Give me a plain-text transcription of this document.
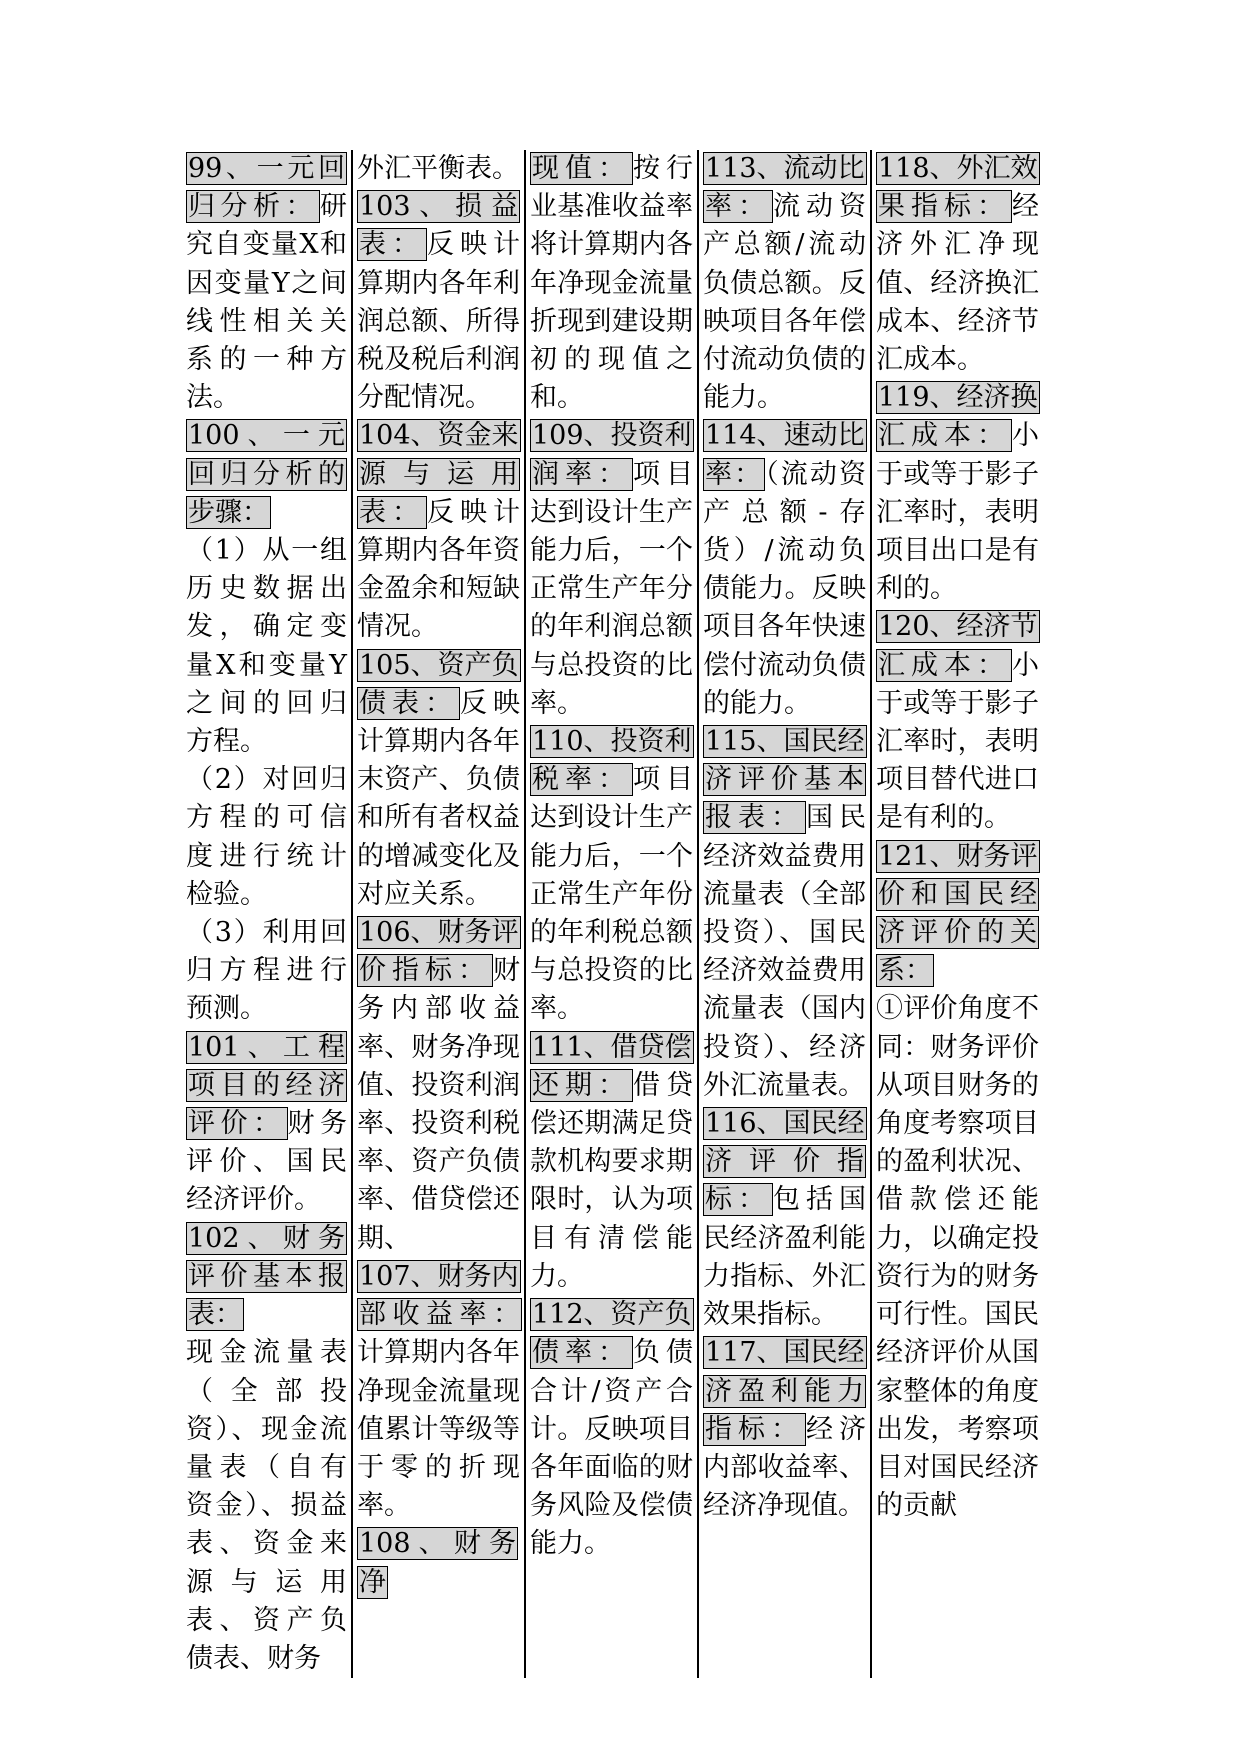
99、一元回归分析：研究自变量X和因变量Y之间线性相关关系的一种方法。
100、一元回归分析的步骤：
（1）从一组历史数据出发，确定变量X和变量Y之间的回归方程。
（2）对回归方程的可信度进行统计检验。
（3）利用回归方程进行预测。
101、工程项目的经济评价：财务评价、国民经济评价。
102、财务评价基本报表：
现金流量表（全部投资）、现金流量表（自有资金）、损益表、资金来源与运用表、资产负债表、财务
外汇平衡表。
103、损益表：反映计算期内各年利润总额、所得税及税后利润分配情况。
104、资金来源与运用表：反映计算期内各年资金盈余和短缺情况。
105、资产负债表：反映计算期内各年末资产、负债和所有者权益的增减变化及对应关系。
106、财务评价指标：财务内部收益率、财务净现值、投资利润率、投资利税率、资产负债率、借贷偿还期、
107、财务内部收益率：计算期内各年净现金流量现值累计等级等于零的折现率。
108、财务净
现值：按行业基准收益率将计算期内各年净现金流量折现到建设期初的现值之和。
109、投资利润率：项目达到设计生产能力后，一个正常生产年分的年利润总额与总投资的比率。
110、投资利税率：项目达到设计生产能力后，一个正常生产年份的年利税总额与总投资的比率。
111、借贷偿还期：借贷偿还期满足贷款机构要求期限时，认为项目有清偿能力。
112、资产负债率：负债合计/资产合计。反映项目各年面临的财务风险及偿债能力。
113、流动比率：流动资产总额/流动负债总额。反映项目各年偿付流动负债的能力。
114、速动比率：（流动资产总额-存货）/流动负债能力。反映项目各年快速偿付流动负债的能力。
115、国民经济评价基本报表：国民经济效益费用流量表（全部投资）、国民经济效益费用流量表（国内投资）、经济外汇流量表。
116、国民经济评价指标：包括国民经济盈利能力指标、外汇效果指标。
117、国民经济盈利能力指标：经济内部收益率、经济净现值。
118、外汇效果指标：经济外汇净现值、经济换汇成本、经济节汇成本。
119、经济换汇成本：小于或等于影子汇率时，表明项目出口是有利的。
120、经济节汇成本：小于或等于影子汇率时，表明项目替代进口是有利的。
121、财务评价和国民经济评价的关系：
①评价角度不同：财务评价从项目财务的角度考察项目的盈利状况、借款偿还能力，以确定投资行为的财务可行性。国民经济评价从国家整体的角度出发，考察项目对国民经济的贡献
